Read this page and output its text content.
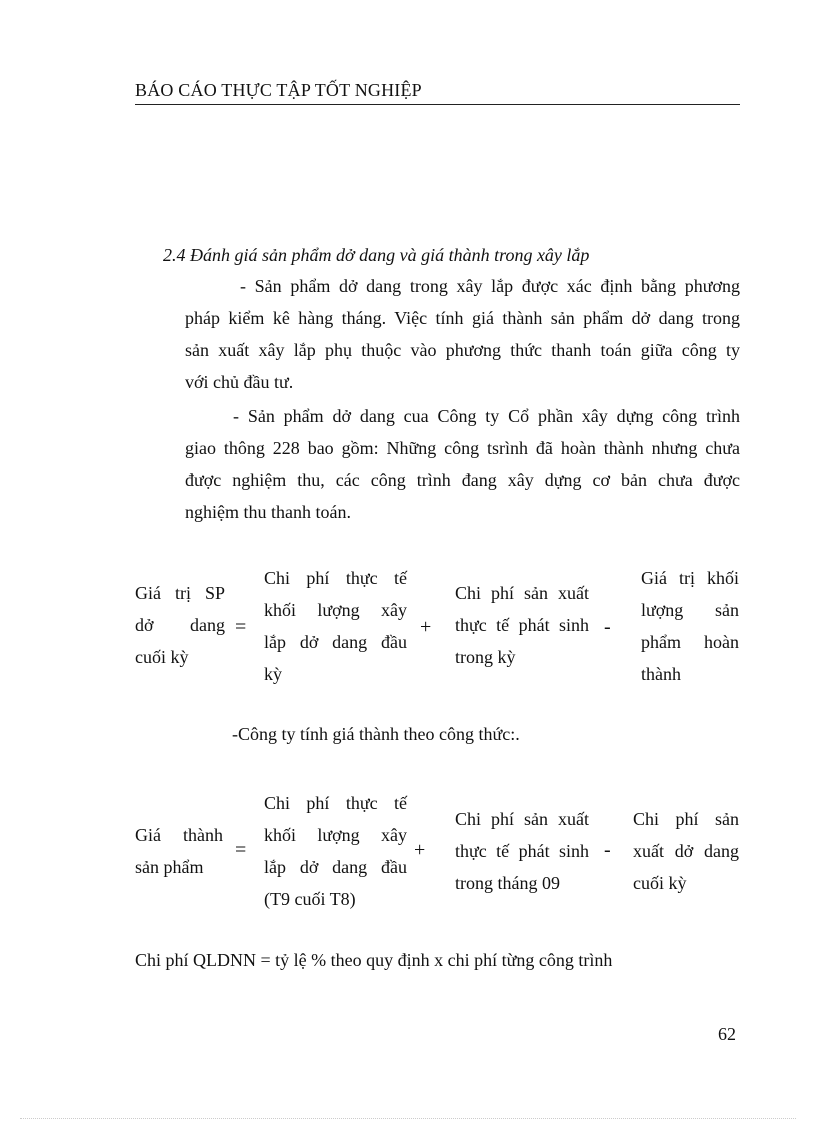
BÁO CÁO THỰC TẬP TỐT NGHIỆP
2.4 Đánh giá sản phẩm dở dang và giá thành trong xây lắp
- Sản phẩm dở dang trong xây lắp được xác định bằng phương
pháp kiểm kê hàng tháng. Việc tính giá thành sản phẩm dở dang trong
sản xuất xây lắp phụ thuộc vào phương thức thanh toán giữa công ty
với chủ đầu tư.
- Sản phẩm dở dang cua Công ty Cổ phần xây dựng công trình
giao thông 228 bao gồm: Những công tsrình đã hoàn thành nhưng chưa
được nghiệm thu, các công trình đang xây dựng cơ bản chưa được
nghiệm thu thanh toán.
Giá trị SP
dở dang
cuối kỳ
=
Chi phí thực tế
khối lượng xây
lắp dở dang đầu
kỳ
+
Chi phí sản xuất
thực tế phát sinh
trong kỳ
-
Giá trị khối
lượng sản
phẩm hoàn
thành
-Công ty tính giá thành theo công thức:.
Giá thành
sản phẩm
=
Chi phí thực tế
khối lượng xây
lắp dở dang đầu
(T9 cuối T8)
+
Chi phí sản xuất
thực tế phát sinh
trong tháng 09
-
Chi phí sản
xuất dở dang
cuối kỳ
Chi phí QLDNN = tỷ lệ % theo quy định x chi phí từng công trình
62
